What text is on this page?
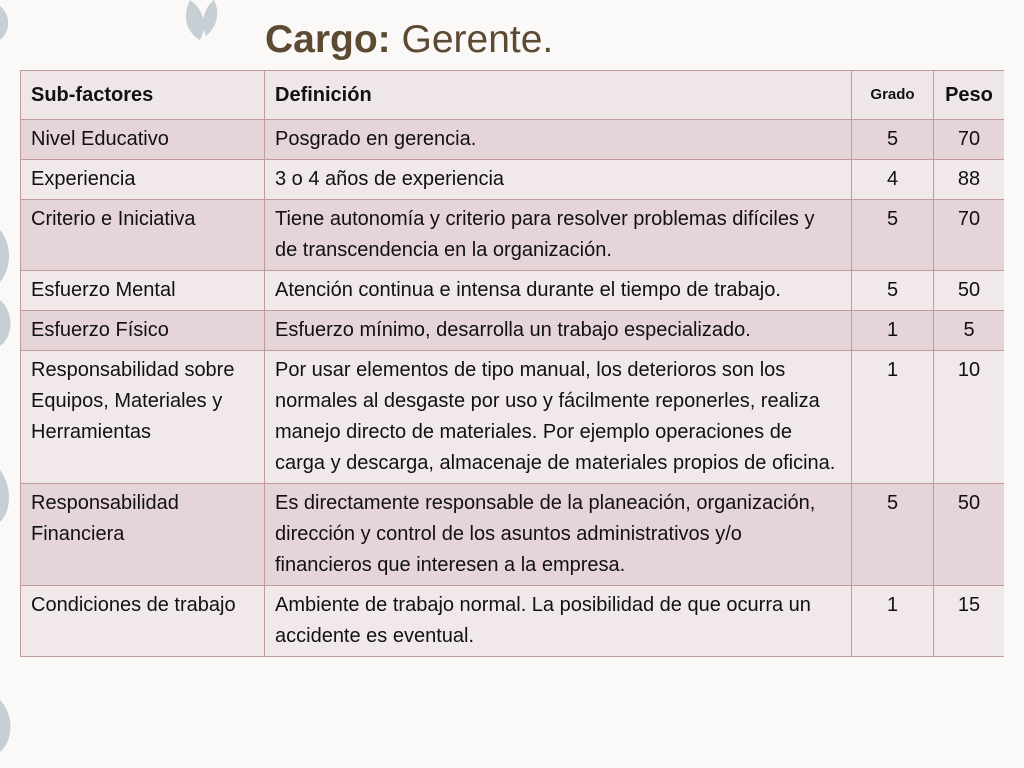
Cargo: Gerente.
Sub-factores	Definición	Grado	Peso
Nivel Educativo	Posgrado en gerencia.	5	70
Experiencia	3 o 4 años de experiencia	4	88
Criterio e Iniciativa	Tiene autonomía y criterio para resolver problemas difíciles y de transcendencia en la organización.	5	70
Esfuerzo Mental	Atención continua e intensa durante el tiempo de trabajo.	5	50
Esfuerzo Físico	Esfuerzo mínimo, desarrolla un trabajo especializado.	1	5
Responsabilidad sobre Equipos, Materiales y Herramientas	Por usar elementos de tipo manual, los deterioros son los normales al desgaste por uso y fácilmente reponerles, realiza manejo directo de materiales. Por ejemplo operaciones de carga y descarga, almacenaje de materiales propios de oficina.	1	10
Responsabilidad Financiera	Es directamente responsable de la planeación, organización, dirección y control de los asuntos administrativos y/o financieros que interesen a la empresa.	5	50
Condiciones de trabajo	Ambiente de trabajo normal. La posibilidad de que ocurra un accidente es eventual.	1	15
